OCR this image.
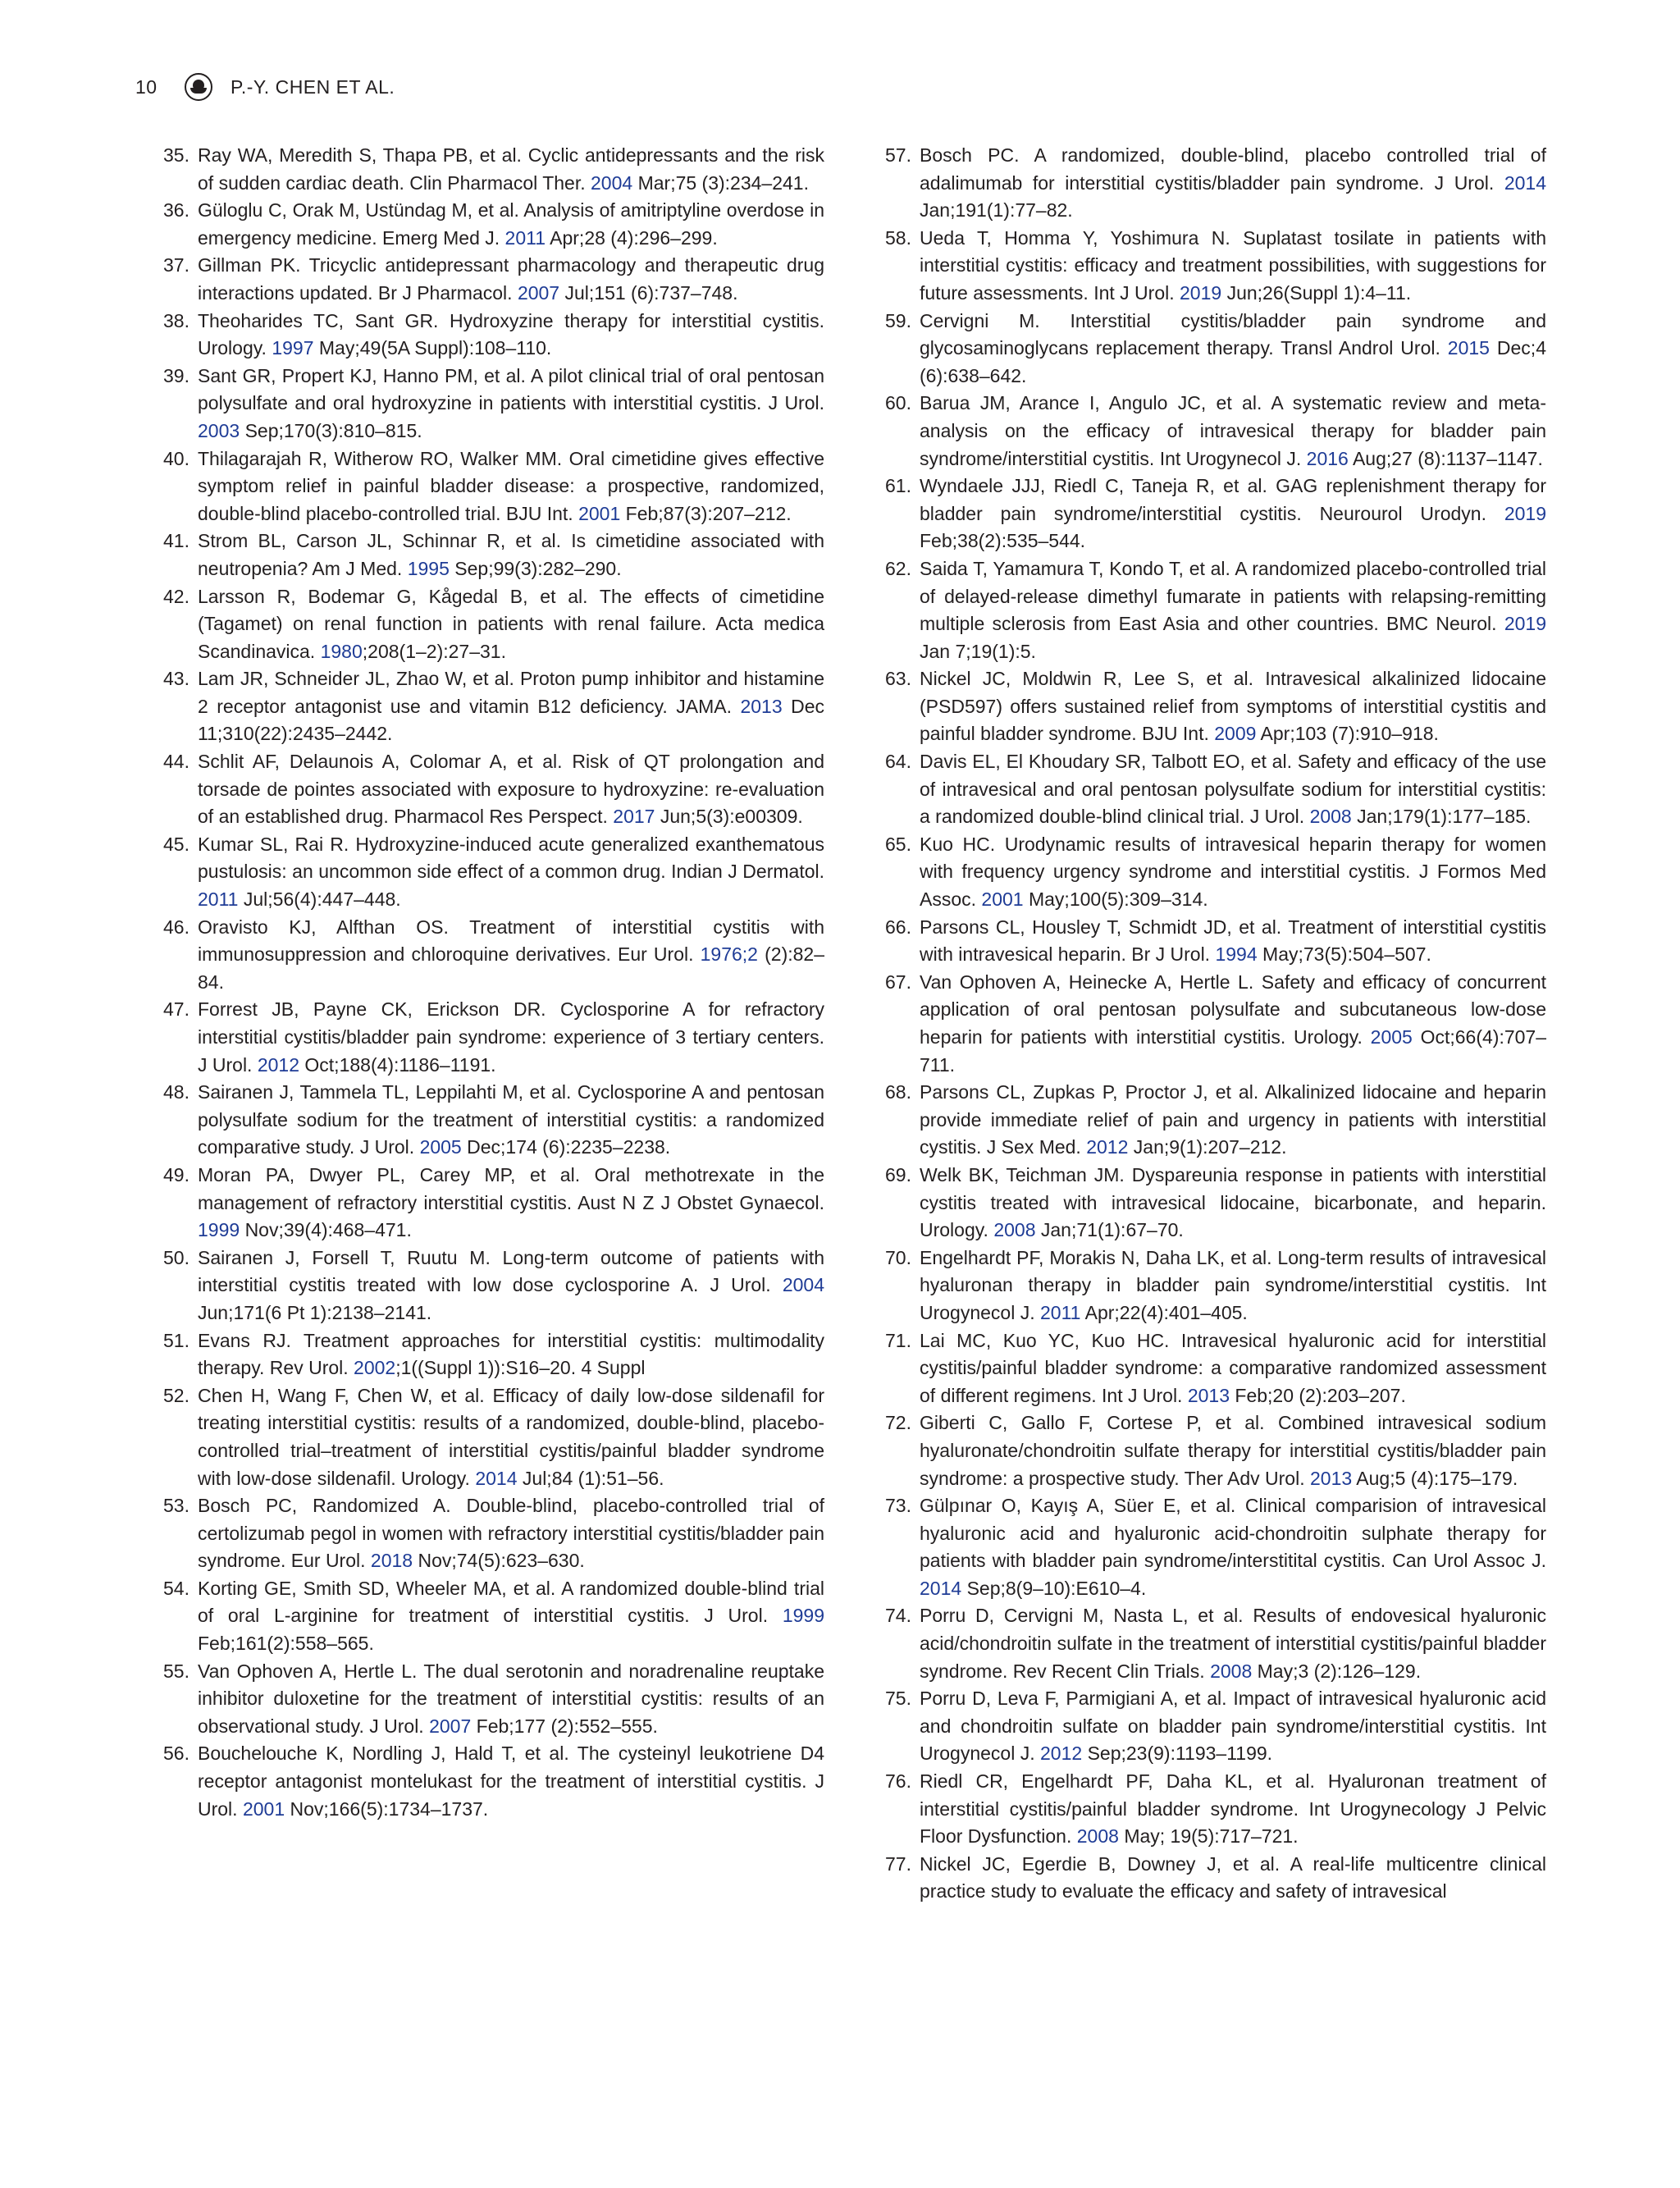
10	P.-Y. CHEN ET AL.
35. Ray WA, Meredith S, Thapa PB, et al. Cyclic antidepressants and the risk of sudden cardiac death. Clin Pharmacol Ther. 2004 Mar;75 (3):234–241.
36. Güloglu C, Orak M, Ustündag M, et al. Analysis of amitriptyline overdose in emergency medicine. Emerg Med J. 2011 Apr;28 (4):296–299.
37. Gillman PK. Tricyclic antidepressant pharmacology and therapeutic drug interactions updated. Br J Pharmacol. 2007 Jul;151 (6):737–748.
38. Theoharides TC, Sant GR. Hydroxyzine therapy for interstitial cystitis. Urology. 1997 May;49(5A Suppl):108–110.
39. Sant GR, Propert KJ, Hanno PM, et al. A pilot clinical trial of oral pentosan polysulfate and oral hydroxyzine in patients with interstitial cystitis. J Urol. 2003 Sep;170(3):810–815.
40. Thilagarajah R, Witherow RO, Walker MM. Oral cimetidine gives effective symptom relief in painful bladder disease: a prospective, randomized, double-blind placebo-controlled trial. BJU Int. 2001 Feb;87(3):207–212.
41. Strom BL, Carson JL, Schinnar R, et al. Is cimetidine associated with neutropenia? Am J Med. 1995 Sep;99(3):282–290.
42. Larsson R, Bodemar G, Kågedal B, et al. The effects of cimetidine (Tagamet) on renal function in patients with renal failure. Acta medica Scandinavica. 1980;208(1–2):27–31.
43. Lam JR, Schneider JL, Zhao W, et al. Proton pump inhibitor and histamine 2 receptor antagonist use and vitamin B12 deficiency. JAMA. 2013 Dec 11;310(22):2435–2442.
44. Schlit AF, Delaunois A, Colomar A, et al. Risk of QT prolongation and torsade de pointes associated with exposure to hydroxyzine: re-evaluation of an established drug. Pharmacol Res Perspect. 2017 Jun;5(3):e00309.
45. Kumar SL, Rai R. Hydroxyzine-induced acute generalized exanthematous pustulosis: an uncommon side effect of a common drug. Indian J Dermatol. 2011 Jul;56(4):447–448.
46. Oravisto KJ, Alfthan OS. Treatment of interstitial cystitis with immunosuppression and chloroquine derivatives. Eur Urol. 1976;2 (2):82–84.
47. Forrest JB, Payne CK, Erickson DR. Cyclosporine A for refractory interstitial cystitis/bladder pain syndrome: experience of 3 tertiary centers. J Urol. 2012 Oct;188(4):1186–1191.
48. Sairanen J, Tammela TL, Leppilahti M, et al. Cyclosporine A and pentosan polysulfate sodium for the treatment of interstitial cystitis: a randomized comparative study. J Urol. 2005 Dec;174 (6):2235–2238.
49. Moran PA, Dwyer PL, Carey MP, et al. Oral methotrexate in the management of refractory interstitial cystitis. Aust N Z J Obstet Gynaecol. 1999 Nov;39(4):468–471.
50. Sairanen J, Forsell T, Ruutu M. Long-term outcome of patients with interstitial cystitis treated with low dose cyclosporine A. J Urol. 2004 Jun;171(6 Pt 1):2138–2141.
51. Evans RJ. Treatment approaches for interstitial cystitis: multimodality therapy. Rev Urol. 2002;1((Suppl 1)):S16–20. 4 Suppl
52. Chen H, Wang F, Chen W, et al. Efficacy of daily low-dose sildenafil for treating interstitial cystitis: results of a randomized, double-blind, placebo-controlled trial–treatment of interstitial cystitis/painful bladder syndrome with low-dose sildenafil. Urology. 2014 Jul;84 (1):51–56.
53. Bosch PC, Randomized A. Double-blind, placebo-controlled trial of certolizumab pegol in women with refractory interstitial cystitis/bladder pain syndrome. Eur Urol. 2018 Nov;74(5):623–630.
54. Korting GE, Smith SD, Wheeler MA, et al. A randomized double-blind trial of oral L-arginine for treatment of interstitial cystitis. J Urol. 1999 Feb;161(2):558–565.
55. Van Ophoven A, Hertle L. The dual serotonin and noradrenaline reuptake inhibitor duloxetine for the treatment of interstitial cystitis: results of an observational study. J Urol. 2007 Feb;177 (2):552–555.
56. Bouchelouche K, Nordling J, Hald T, et al. The cysteinyl leukotriene D4 receptor antagonist montelukast for the treatment of interstitial cystitis. J Urol. 2001 Nov;166(5):1734–1737.
57. Bosch PC. A randomized, double-blind, placebo controlled trial of adalimumab for interstitial cystitis/bladder pain syndrome. J Urol. 2014 Jan;191(1):77–82.
58. Ueda T, Homma Y, Yoshimura N. Suplatast tosilate in patients with interstitial cystitis: efficacy and treatment possibilities, with suggestions for future assessments. Int J Urol. 2019 Jun;26(Suppl 1):4–11.
59. Cervigni M. Interstitial cystitis/bladder pain syndrome and glycosaminoglycans replacement therapy. Transl Androl Urol. 2015 Dec;4 (6):638–642.
60. Barua JM, Arance I, Angulo JC, et al. A systematic review and meta-analysis on the efficacy of intravesical therapy for bladder pain syndrome/interstitial cystitis. Int Urogynecol J. 2016 Aug;27 (8):1137–1147.
61. Wyndaele JJJ, Riedl C, Taneja R, et al. GAG replenishment therapy for bladder pain syndrome/interstitial cystitis. Neurourol Urodyn. 2019 Feb;38(2):535–544.
62. Saida T, Yamamura T, Kondo T, et al. A randomized placebo-controlled trial of delayed-release dimethyl fumarate in patients with relapsing-remitting multiple sclerosis from East Asia and other countries. BMC Neurol. 2019 Jan 7;19(1):5.
63. Nickel JC, Moldwin R, Lee S, et al. Intravesical alkalinized lidocaine (PSD597) offers sustained relief from symptoms of interstitial cystitis and painful bladder syndrome. BJU Int. 2009 Apr;103 (7):910–918.
64. Davis EL, El Khoudary SR, Talbott EO, et al. Safety and efficacy of the use of intravesical and oral pentosan polysulfate sodium for interstitial cystitis: a randomized double-blind clinical trial. J Urol. 2008 Jan;179(1):177–185.
65. Kuo HC. Urodynamic results of intravesical heparin therapy for women with frequency urgency syndrome and interstitial cystitis. J Formos Med Assoc. 2001 May;100(5):309–314.
66. Parsons CL, Housley T, Schmidt JD, et al. Treatment of interstitial cystitis with intravesical heparin. Br J Urol. 1994 May;73(5):504–507.
67. Van Ophoven A, Heinecke A, Hertle L. Safety and efficacy of concurrent application of oral pentosan polysulfate and subcutaneous low-dose heparin for patients with interstitial cystitis. Urology. 2005 Oct;66(4):707–711.
68. Parsons CL, Zupkas P, Proctor J, et al. Alkalinized lidocaine and heparin provide immediate relief of pain and urgency in patients with interstitial cystitis. J Sex Med. 2012 Jan;9(1):207–212.
69. Welk BK, Teichman JM. Dyspareunia response in patients with interstitial cystitis treated with intravesical lidocaine, bicarbonate, and heparin. Urology. 2008 Jan;71(1):67–70.
70. Engelhardt PF, Morakis N, Daha LK, et al. Long-term results of intravesical hyaluronan therapy in bladder pain syndrome/interstitial cystitis. Int Urogynecol J. 2011 Apr;22(4):401–405.
71. Lai MC, Kuo YC, Kuo HC. Intravesical hyaluronic acid for interstitial cystitis/painful bladder syndrome: a comparative randomized assessment of different regimens. Int J Urol. 2013 Feb;20 (2):203–207.
72. Giberti C, Gallo F, Cortese P, et al. Combined intravesical sodium hyaluronate/chondroitin sulfate therapy for interstitial cystitis/bladder pain syndrome: a prospective study. Ther Adv Urol. 2013 Aug;5 (4):175–179.
73. Gülpınar O, Kayış A, Süer E, et al. Clinical comparision of intravesical hyaluronic acid and hyaluronic acid-chondroitin sulphate therapy for patients with bladder pain syndrome/interstitital cystitis. Can Urol Assoc J. 2014 Sep;8(9–10):E610–4.
74. Porru D, Cervigni M, Nasta L, et al. Results of endovesical hyaluronic acid/chondroitin sulfate in the treatment of interstitial cystitis/painful bladder syndrome. Rev Recent Clin Trials. 2008 May;3 (2):126–129.
75. Porru D, Leva F, Parmigiani A, et al. Impact of intravesical hyaluronic acid and chondroitin sulfate on bladder pain syndrome/interstitial cystitis. Int Urogynecol J. 2012 Sep;23(9):1193–1199.
76. Riedl CR, Engelhardt PF, Daha KL, et al. Hyaluronan treatment of interstitial cystitis/painful bladder syndrome. Int Urogynecology J Pelvic Floor Dysfunction. 2008 May; 19(5):717–721.
77. Nickel JC, Egerdie B, Downey J, et al. A real-life multicentre clinical practice study to evaluate the efficacy and safety of intravesical
